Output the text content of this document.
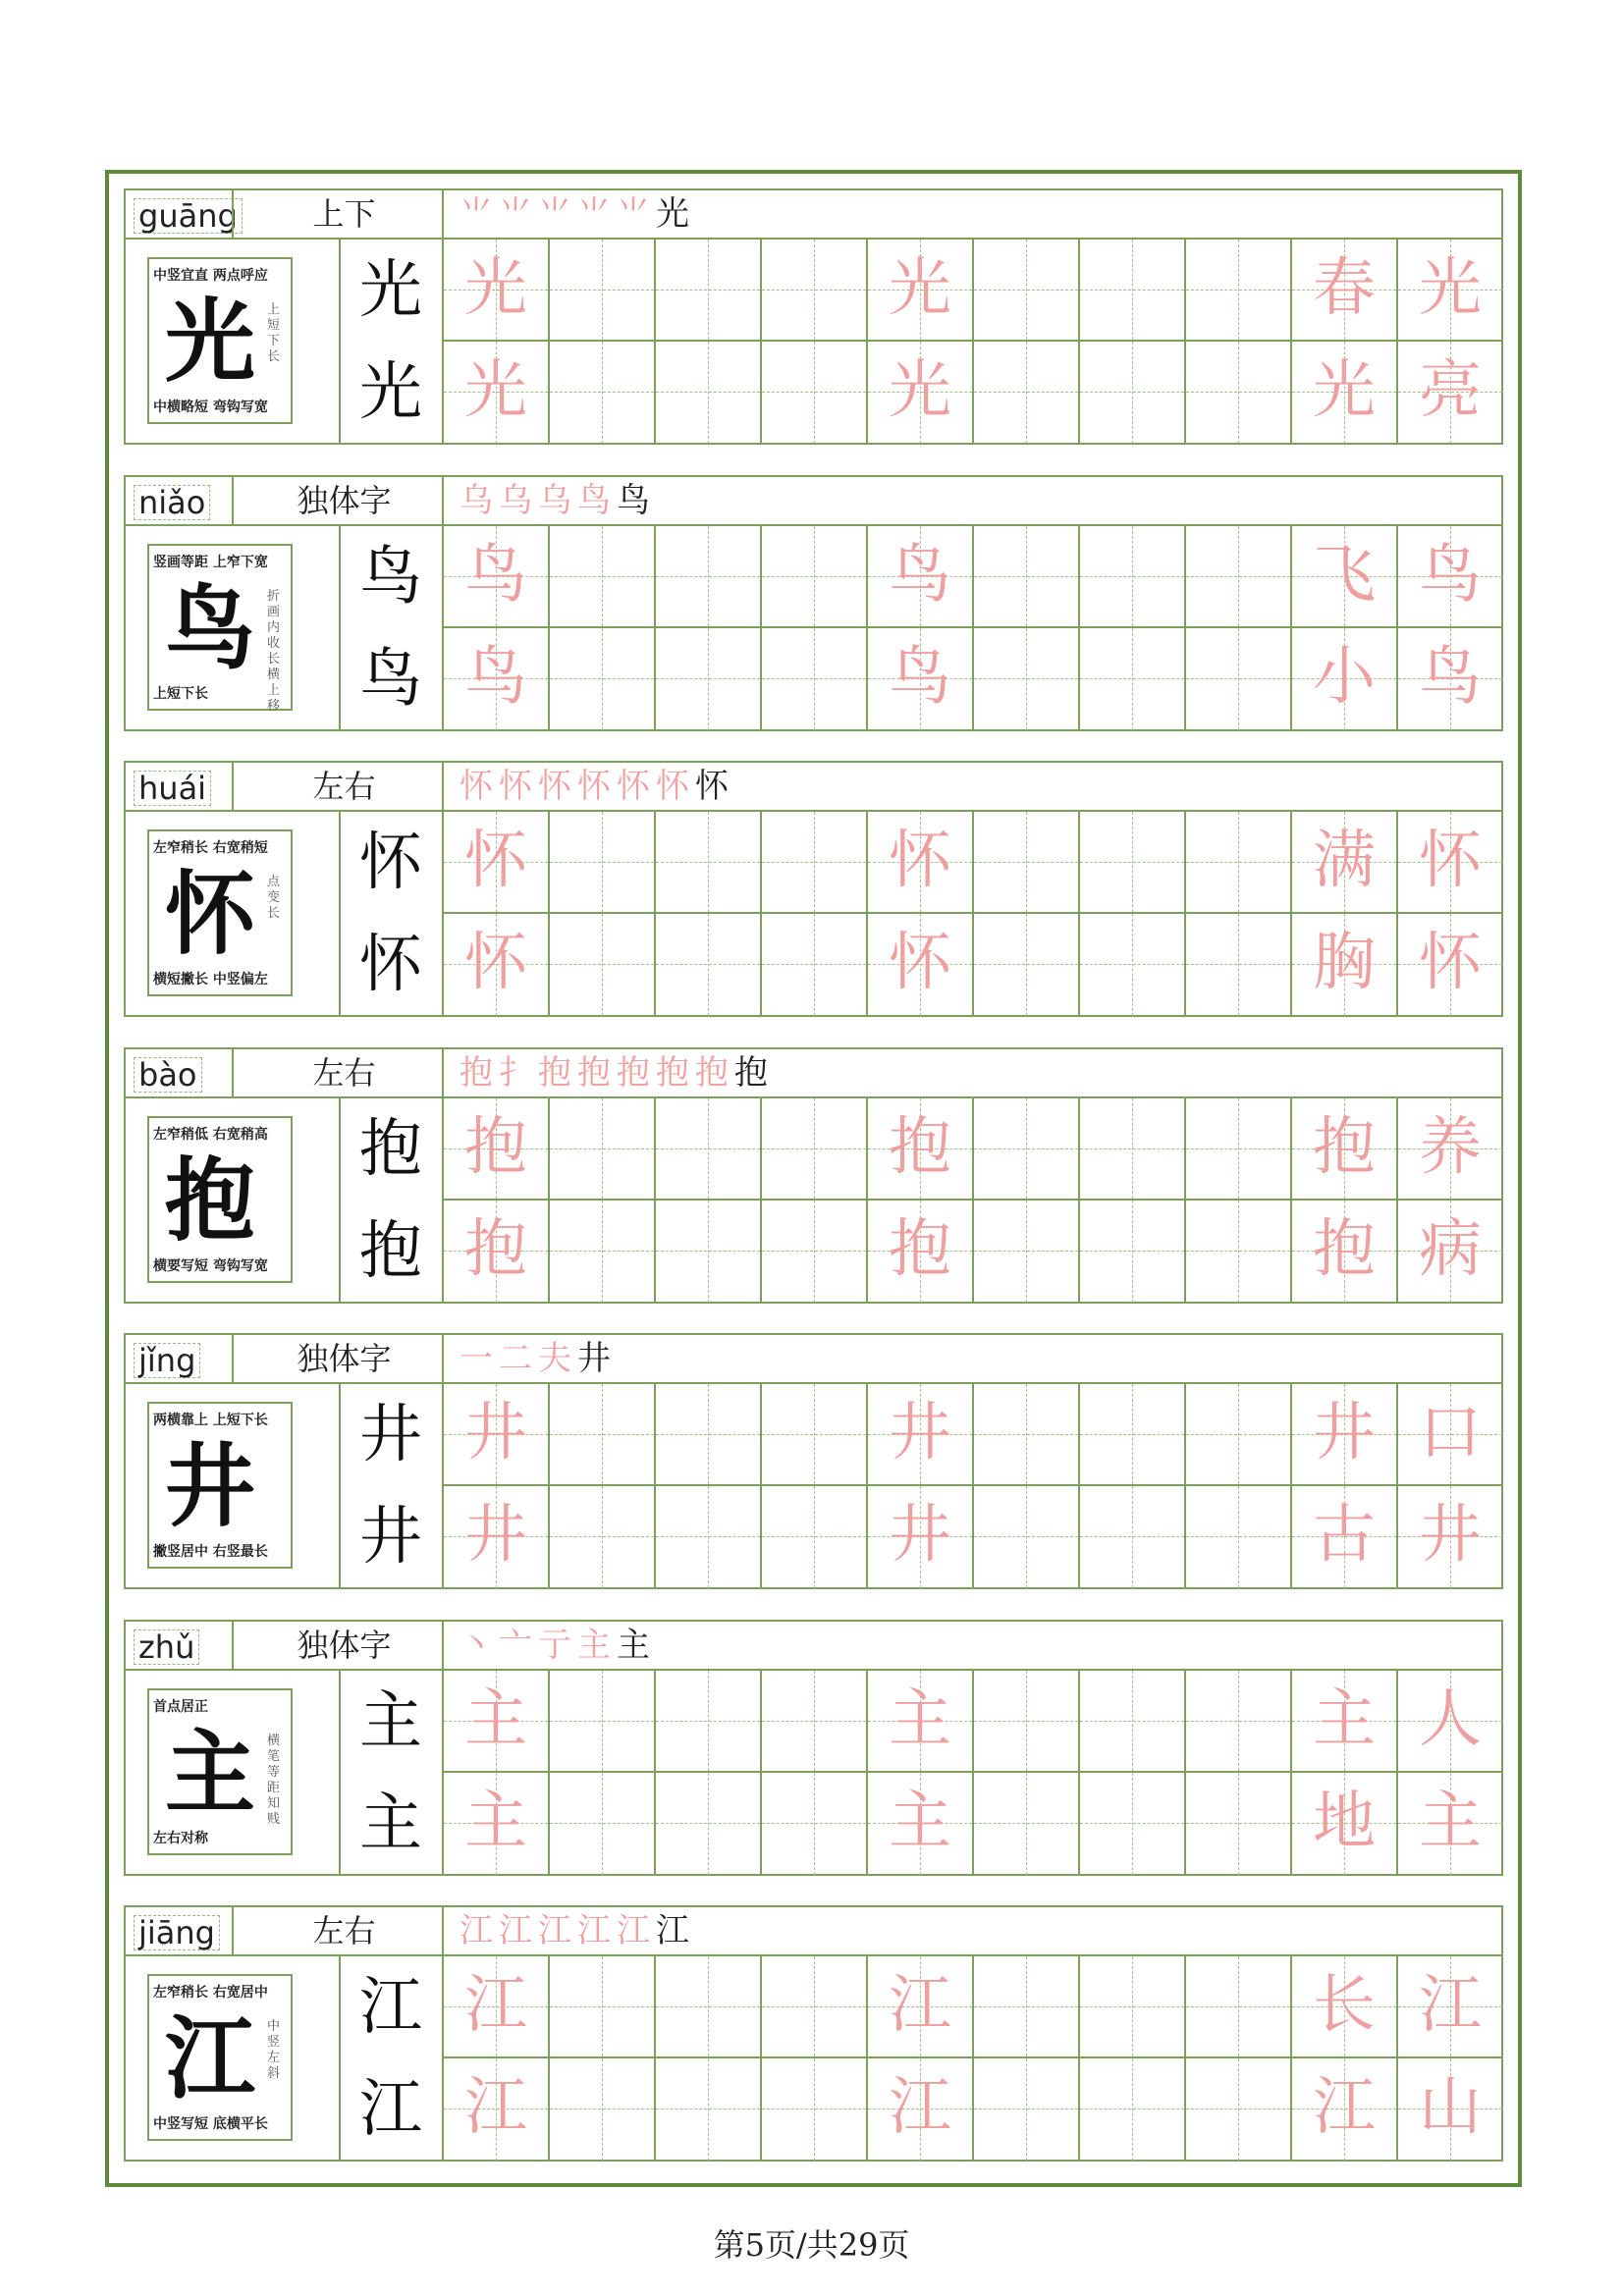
guāng	上下	⺌⺌⺌⺌⺌光
光
中竖宜直 两点呼应
中横略短 弯钩写宽
上短下长
光
光
光	光	春 光
光	光	光 亮
niǎo	独体字	乌乌乌鸟鸟
鸟
竖画等距 上窄下宽
上短下长
折画内收 长横上移
鸟
鸟
鸟	鸟	飞 鸟
鸟	鸟	小 鸟
huái	左右	怀怀怀怀怀怀怀
怀
左窄稍长 右宽稍短
横短撇长 中竖偏左
点变长
怀
怀
怀	怀	满 怀
怀	怀	胸 怀
bào	左右	抱扌抱抱抱抱抱抱
抱
左窄稍低 右宽稍高
横要写短 弯钩写宽
抱
抱
抱	抱	抱 养
抱	抱	抱 病
jǐng	独体字	一二夫井
井
两横靠上 上短下长
撇竖居中 右竖最长
井
井
井	井	井 口
井	井	古 井
zhǔ	独体字	丶亠亍主主
主
首点居正
左右对称
横笔等距 知贱
主
主
主	主	主 人
主	主	地 主
jiāng	左右	江江江江江江
江
左窄稍长 右宽居中
中竖写短 底横平长
中竖左斜
江
江
江	江	长 江
江	江	江 山
第5页/共29页
